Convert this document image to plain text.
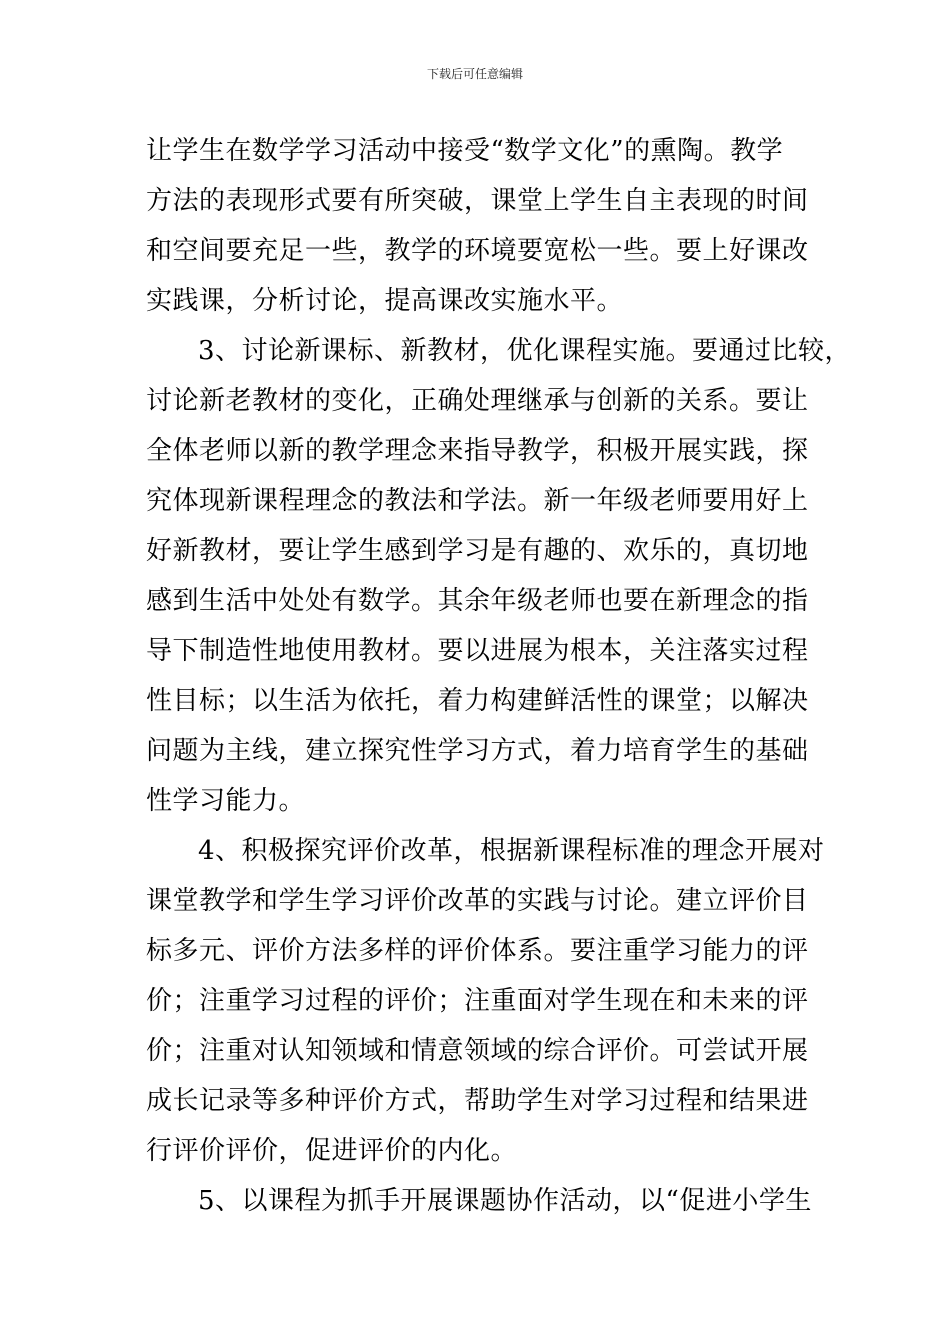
下载后可任意编辑
让学生在数学学习活动中接受“数学文化”的熏陶。教学
方法的表现形式要有所突破，课堂上学生自主表现的时间
和空间要充足一些，教学的环境要宽松一些。要上好课改
实践课，分析讨论，提高课改实施水平。
3、讨论新课标、新教材，优化课程实施。要通过比较，
讨论新老教材的变化，正确处理继承与创新的关系。要让
全体老师以新的教学理念来指导教学，积极开展实践，探
究体现新课程理念的教法和学法。新一年级老师要用好上
好新教材，要让学生感到学习是有趣的、欢乐的，真切地
感到生活中处处有数学。其余年级老师也要在新理念的指
导下制造性地使用教材。要以进展为根本，关注落实过程
性目标；以生活为依托，着力构建鲜活性的课堂；以解决
问题为主线，建立探究性学习方式，着力培育学生的基础
性学习能力。
4、积极探究评价改革，根据新课程标准的理念开展对
课堂教学和学生学习评价改革的实践与讨论。建立评价目
标多元、评价方法多样的评价体系。要注重学习能力的评
价；注重学习过程的评价；注重面对学生现在和未来的评
价；注重对认知领域和情意领域的综合评价。可尝试开展
成长记录等多种评价方式，帮助学生对学习过程和结果进
行评价评价，促进评价的内化。
5、以课程为抓手开展课题协作活动，以“促进小学生
